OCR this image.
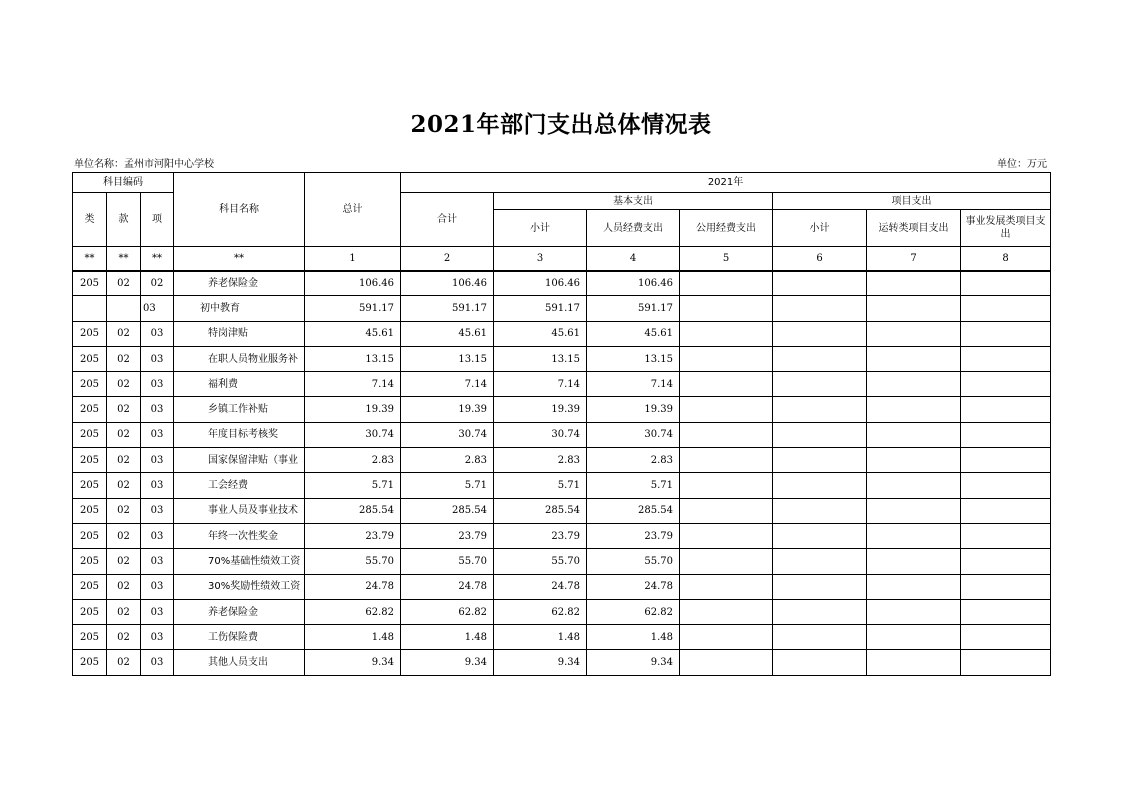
2021年部门支出总体情况表
单位名称：孟州市河阳中心学校	单位：万元
科目编码			科目名称	总计	2021年						
类	款	项			合计	基本支出			项目支出		
						小计	人员经费支出	公用经费支出	小计	运转类项目支出	事业发展类项目支出
**	**	**	**	1	2	3	4	5	6	7	8
205	02	02	养老保险金	106.46	106.46	106.46	106.46				
		03	初中教育	591.17	591.17	591.17	591.17				
205	02	03	特岗津贴	45.61	45.61	45.61	45.61				
205	02	03	在职人员物业服务补	13.15	13.15	13.15	13.15				
205	02	03	福利费	7.14	7.14	7.14	7.14				
205	02	03	乡镇工作补贴	19.39	19.39	19.39	19.39				
205	02	03	年度目标考核奖	30.74	30.74	30.74	30.74				
205	02	03	国家保留津贴（事业	2.83	2.83	2.83	2.83				
205	02	03	工会经费	5.71	5.71	5.71	5.71				
205	02	03	事业人员及事业技术	285.54	285.54	285.54	285.54				
205	02	03	年终一次性奖金	23.79	23.79	23.79	23.79				
205	02	03	70%基础性绩效工资	55.70	55.70	55.70	55.70				
205	02	03	30%奖励性绩效工资	24.78	24.78	24.78	24.78				
205	02	03	养老保险金	62.82	62.82	62.82	62.82				
205	02	03	工伤保险费	1.48	1.48	1.48	1.48				
205	02	03	其他人员支出	9.34	9.34	9.34	9.34				
